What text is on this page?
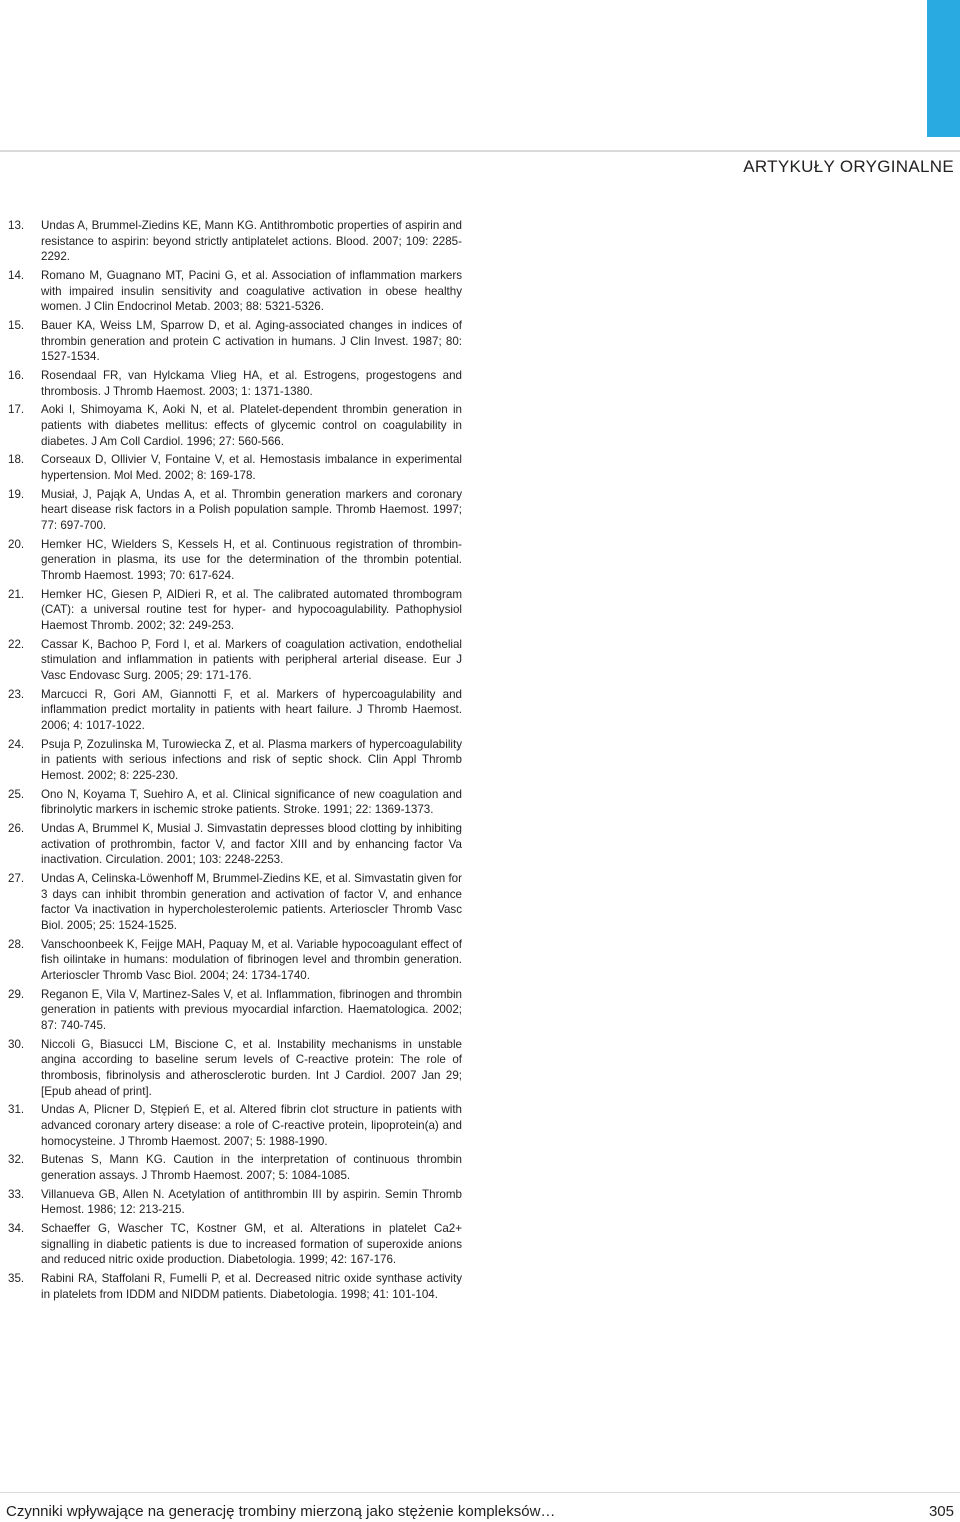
ARTYKUŁY ORYGINALNE
13.	Undas A, Brummel-Ziedins KE, Mann KG. Antithrombotic properties of aspirin and resistance to aspirin: beyond strictly antiplatelet actions. Blood. 2007; 109: 2285-2292.
14.	Romano M, Guagnano MT, Pacini G, et al. Association of inflammation markers with impaired insulin sensitivity and coagulative activation in obese healthy women. J Clin Endocrinol Metab. 2003; 88: 5321-5326.
15.	Bauer KA, Weiss LM, Sparrow D, et al. Aging-associated changes in indices of thrombin generation and protein C activation in humans. J Clin Invest. 1987; 80: 1527-1534.
16.	Rosendaal FR, van Hylckama Vlieg HA, et al. Estrogens, progestogens and thrombosis. J Thromb Haemost. 2003; 1: 1371-1380.
17.	Aoki I, Shimoyama K, Aoki N, et al. Platelet-dependent thrombin generation in patients with diabetes mellitus: effects of glycemic control on coagulability in diabetes. J Am Coll Cardiol. 1996; 27: 560-566.
18.	Corseaux D, Ollivier V, Fontaine V, et al. Hemostasis imbalance in experimental hypertension. Mol Med. 2002; 8: 169-178.
19.	Musiał, J, Pająk A, Undas A, et al. Thrombin generation markers and coronary heart disease risk factors in a Polish population sample. Thromb Haemost. 1997; 77: 697-700.
20.	Hemker HC, Wielders S, Kessels H, et al. Continuous registration of thrombin-generation in plasma, its use for the determination of the thrombin potential. Thromb Haemost. 1993; 70: 617-624.
21.	Hemker HC, Giesen P, AlDieri R, et al. The calibrated automated thrombogram (CAT): a universal routine test for hyper- and hypocoagulability. Pathophysiol Haemost Thromb. 2002; 32: 249-253.
22.	Cassar K, Bachoo P, Ford I, et al. Markers of coagulation activation, endothelial stimulation and inflammation in patients with peripheral arterial disease. Eur J Vasc Endovasc Surg. 2005; 29: 171-176.
23.	Marcucci R, Gori AM, Giannotti F, et al. Markers of hypercoagulability and inflammation predict mortality in patients with heart failure. J Thromb Haemost. 2006; 4: 1017-1022.
24.	Psuja P, Zozulinska M, Turowiecka Z, et al. Plasma markers of hypercoagulability in patients with serious infections and risk of septic shock. Clin Appl Thromb Hemost. 2002; 8: 225-230.
25.	Ono N, Koyama T, Suehiro A, et al. Clinical significance of new coagulation and fibrinolytic markers in ischemic stroke patients. Stroke. 1991; 22: 1369-1373.
26.	Undas A, Brummel K, Musial J. Simvastatin depresses blood clotting by inhibiting activation of prothrombin, factor V, and factor XIII and by enhancing factor Va inactivation. Circulation. 2001; 103: 2248-2253.
27.	Undas A, Celinska-Löwenhoff M, Brummel-Ziedins KE, et al. Simvastatin given for 3 days can inhibit thrombin generation and activation of factor V, and enhance factor Va inactivation in hypercholesterolemic patients. Arterioscler Thromb Vasc Biol. 2005; 25: 1524-1525.
28.	Vanschoonbeek K, Feijge MAH, Paquay M, et al. Variable hypocoagulant effect of fish oilintake in humans: modulation of fibrinogen level and thrombin generation. Arterioscler Thromb Vasc Biol. 2004; 24: 1734-1740.
29.	Reganon E, Vila V, Martinez-Sales V, et al. Inflammation, fibrinogen and thrombin generation in patients with previous myocardial infarction. Haematologica. 2002; 87: 740-745.
30.	Niccoli G, Biasucci LM, Biscione C, et al. Instability mechanisms in unstable angina according to baseline serum levels of C-reactive protein: The role of thrombosis, fibrinolysis and atherosclerotic burden. Int J Cardiol. 2007 Jan 29; [Epub ahead of print].
31.	Undas A, Plicner D, Stępień E, et al. Altered fibrin clot structure in patients with advanced coronary artery disease: a role of C-reactive protein, lipoprotein(a) and homocysteine. J Thromb Haemost. 2007; 5: 1988-1990.
32.	Butenas S, Mann KG. Caution in the interpretation of continuous thrombin generation assays. J Thromb Haemost. 2007; 5: 1084-1085.
33.	Villanueva GB, Allen N. Acetylation of antithrombin III by aspirin. Semin Thromb Hemost. 1986; 12: 213-215.
34.	Schaeffer G, Wascher TC, Kostner GM, et al. Alterations in platelet Ca2+ signalling in diabetic patients is due to increased formation of superoxide anions and reduced nitric oxide production. Diabetologia. 1999; 42: 167-176.
35.	Rabini RA, Staffolani R, Fumelli P, et al. Decreased nitric oxide synthase activity in platelets from IDDM and NIDDM patients. Diabetologia. 1998; 41: 101-104.
Czynniki wpływające na generację trombiny mierzoną jako stężenie kompleksów…	305
